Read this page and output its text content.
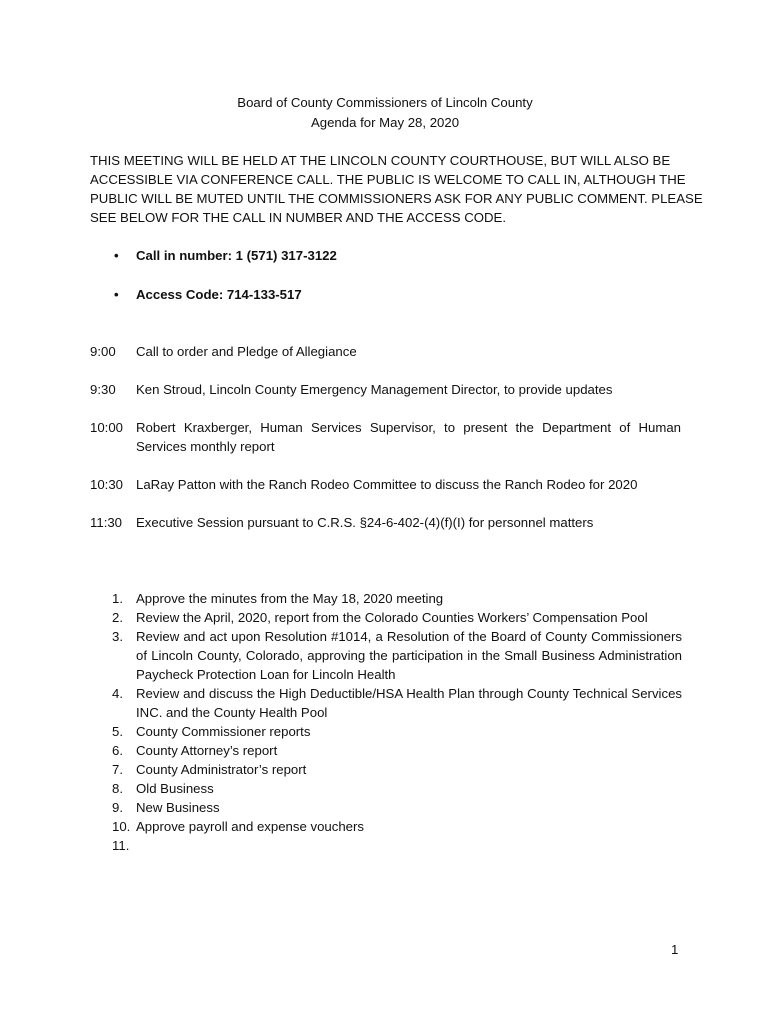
Board of County Commissioners of Lincoln County
Agenda for May 28, 2020
THIS MEETING WILL BE HELD AT THE LINCOLN COUNTY COURTHOUSE, BUT WILL ALSO BE
ACCESSIBLE VIA CONFERENCE CALL. THE PUBLIC IS WELCOME TO CALL IN, ALTHOUGH THE
PUBLIC WILL BE MUTED UNTIL THE COMMISSIONERS ASK FOR ANY PUBLIC COMMENT. PLEASE
SEE BELOW FOR THE CALL IN NUMBER AND THE ACCESS CODE.
• Call in number: 1 (571) 317-3122
• Access Code: 714-133-517
9:00	Call to order and Pledge of Allegiance
9:30	Ken Stroud, Lincoln County Emergency Management Director, to provide updates
10:00 Robert Kraxberger, Human Services Supervisor, to present the Department of Human Services monthly report
10:30 LaRay Patton with the Ranch Rodeo Committee to discuss the Ranch Rodeo for 2020
11:30	Executive Session pursuant to C.R.S. §24-6-402-(4)(f)(I) for personnel matters
1. Approve the minutes from the May 18, 2020 meeting
2. Review the April, 2020, report from the Colorado Counties Workers’ Compensation Pool
3. Review and act upon Resolution #1014, a Resolution of the Board of County Commissioners of Lincoln County, Colorado, approving the participation in the Small Business Administration Paycheck Protection Loan for Lincoln Health
4. Review and discuss the High Deductible/HSA Health Plan through County Technical Services INC. and the County Health Pool
5. County Commissioner reports
6. County Attorney’s report
7. County Administrator’s report
8. Old Business
9. New Business
10. Approve payroll and expense vouchers
11.
1
